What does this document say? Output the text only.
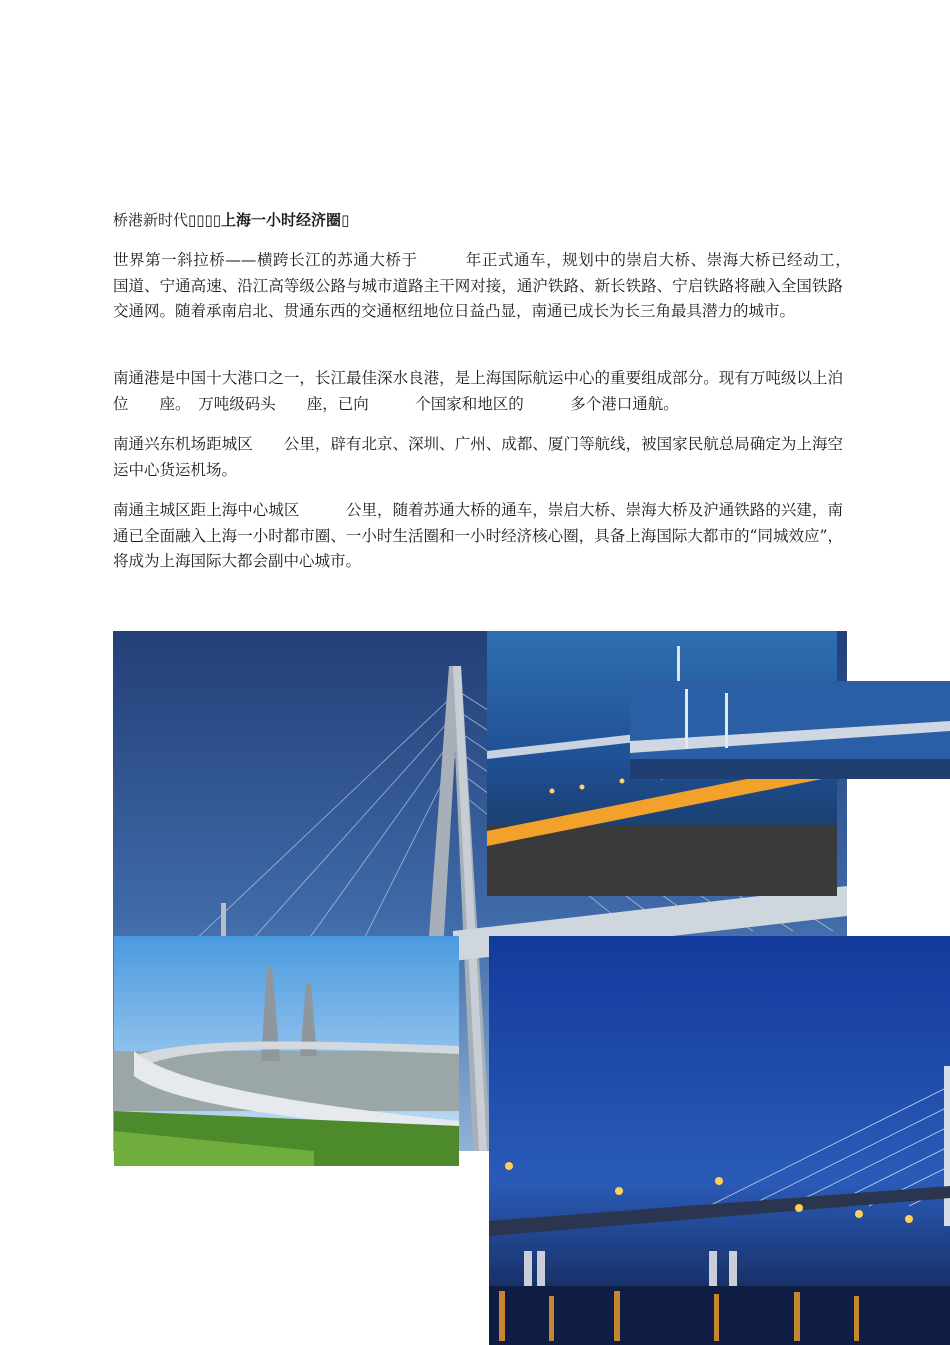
桥港新时代▯▯▯▯上海一小时经济圈▯

世界第一斜拉桥——横跨长江的苏通大桥于　　　年正式通车，规划中的崇启大桥、崇海大桥已经动工，　　国道、宁通高速、沿江高等级公路与城市道路主干网对接，通沪铁路、新长铁路、宁启铁路将融入全国铁路交通网。随着承南启北、贯通东西的交通枢纽地位日益凸显，南通已成长为长三角最具潜力的城市。

南通港是中国十大港口之一，长江最佳深水良港，是上海国际航运中心的重要组成部分。现有万吨级以上泊位　　座。　万吨级码头　　座，已向　　　个国家和地区的　　　多个港口通航。

南通兴东机场距城区　　公里，辟有北京、深圳、广州、成都、厦门等航线，被国家民航总局确定为上海空运中心货运机场。

南通主城区距上海中心城区　　　公里，随着苏通大桥的通车，崇启大桥、崇海大桥及沪通铁路的兴建，南通已全面融入上海一小时都市圈、一小时生活圈和一小时经济核心圈，具备上海国际大都市的“同城效应”，将成为上海国际大都会副中心城市。
